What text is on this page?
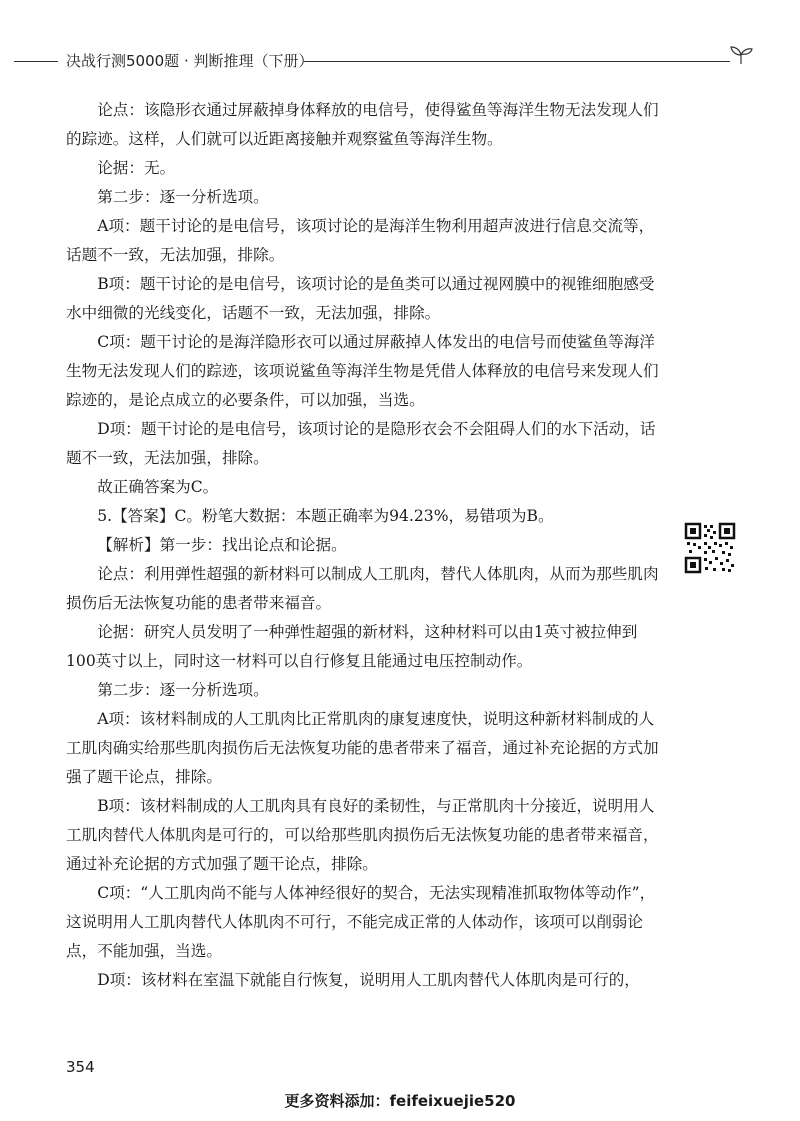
决战行测5000题 · 判断推理（下册）

论点：该隐形衣通过屏蔽掉身体释放的电信号，使得鲨鱼等海洋生物无法发现人们的踪迹。这样，人们就可以近距离接触并观察鲨鱼等海洋生物。

论据：无。

第二步：逐一分析选项。

A项：题干讨论的是电信号，该项讨论的是海洋生物利用超声波进行信息交流等，话题不一致，无法加强，排除。

B项：题干讨论的是电信号，该项讨论的是鱼类可以通过视网膜中的视锥细胞感受水中细微的光线变化，话题不一致，无法加强，排除。

C项：题干讨论的是海洋隐形衣可以通过屏蔽掉人体发出的电信号而使鲨鱼等海洋生物无法发现人们的踪迹，该项说鲨鱼等海洋生物是凭借人体释放的电信号来发现人们踪迹的，是论点成立的必要条件，可以加强，当选。

D项：题干讨论的是电信号，该项讨论的是隐形衣会不会阻碍人们的水下活动，话题不一致，无法加强，排除。

故正确答案为C。

5.【答案】C。粉笔大数据：本题正确率为94.23%，易错项为B。

【解析】第一步：找出论点和论据。

论点：利用弹性超强的新材料可以制成人工肌肉，替代人体肌肉，从而为那些肌肉损伤后无法恢复功能的患者带来福音。

论据：研究人员发明了一种弹性超强的新材料，这种材料可以由1英寸被拉伸到100英寸以上，同时这一材料可以自行修复且能通过电压控制动作。

第二步：逐一分析选项。

A项：该材料制成的人工肌肉比正常肌肉的康复速度快，说明这种新材料制成的人工肌肉确实给那些肌肉损伤后无法恢复功能的患者带来了福音，通过补充论据的方式加强了题干论点，排除。

B项：该材料制成的人工肌肉具有良好的柔韧性，与正常肌肉十分接近，说明用人工肌肉替代人体肌肉是可行的，可以给那些肌肉损伤后无法恢复功能的患者带来福音，通过补充论据的方式加强了题干论点，排除。

C项：“人工肌肉尚不能与人体神经很好的契合，无法实现精准抓取物体等动作”，这说明用人工肌肉替代人体肌肉不可行，不能完成正常的人体动作，该项可以削弱论点，不能加强，当选。

D项：该材料在室温下就能自行恢复，说明用人工肌肉替代人体肌肉是可行的，

354
更多资料添加：feifeixuejie520
